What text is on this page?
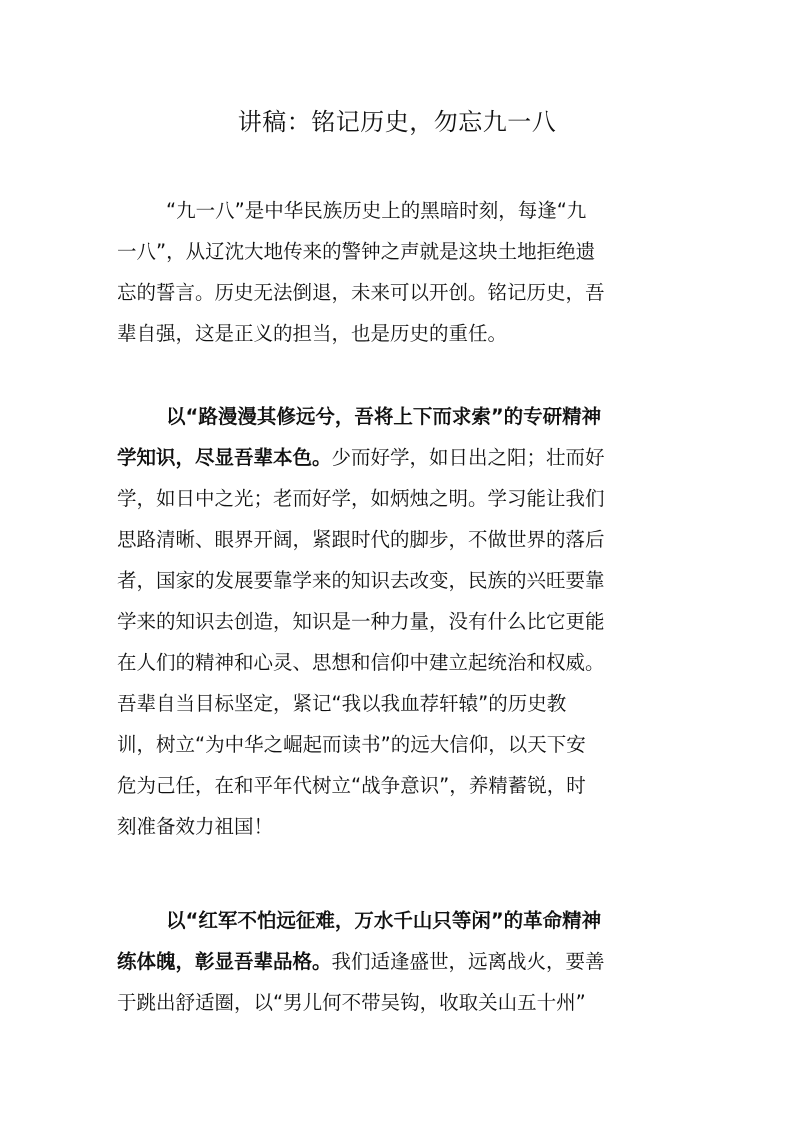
讲稿：铭记历史，勿忘九一八
“九一八”是中华民族历史上的黑暗时刻，每逢“九
一八”，从辽沈大地传来的警钟之声就是这块土地拒绝遗
忘的誓言。历史无法倒退，未来可以开创。铭记历史，吾
辈自强，这是正义的担当，也是历史的重任。
以“路漫漫其修远兮，吾将上下而求索”的专研精神
学知识，尽显吾辈本色。少而好学，如日出之阳；壮而好
学，如日中之光；老而好学，如炳烛之明。学习能让我们
思路清晰、眼界开阔，紧跟时代的脚步，不做世界的落后
者，国家的发展要靠学来的知识去改变，民族的兴旺要靠
学来的知识去创造，知识是一种力量，没有什么比它更能
在人们的精神和心灵、思想和信仰中建立起统治和权威。
吾辈自当目标坚定，紧记“我以我血荐轩辕”的历史教
训，树立“为中华之崛起而读书”的远大信仰，以天下安
危为己任，在和平年代树立“战争意识”，养精蓄锐，时
刻准备效力祖国！
以“红军不怕远征难，万水千山只等闲”的革命精神
练体魄，彰显吾辈品格。我们适逢盛世，远离战火，要善
于跳出舒适圈，以“男儿何不带吴钩，收取关山五十州”
